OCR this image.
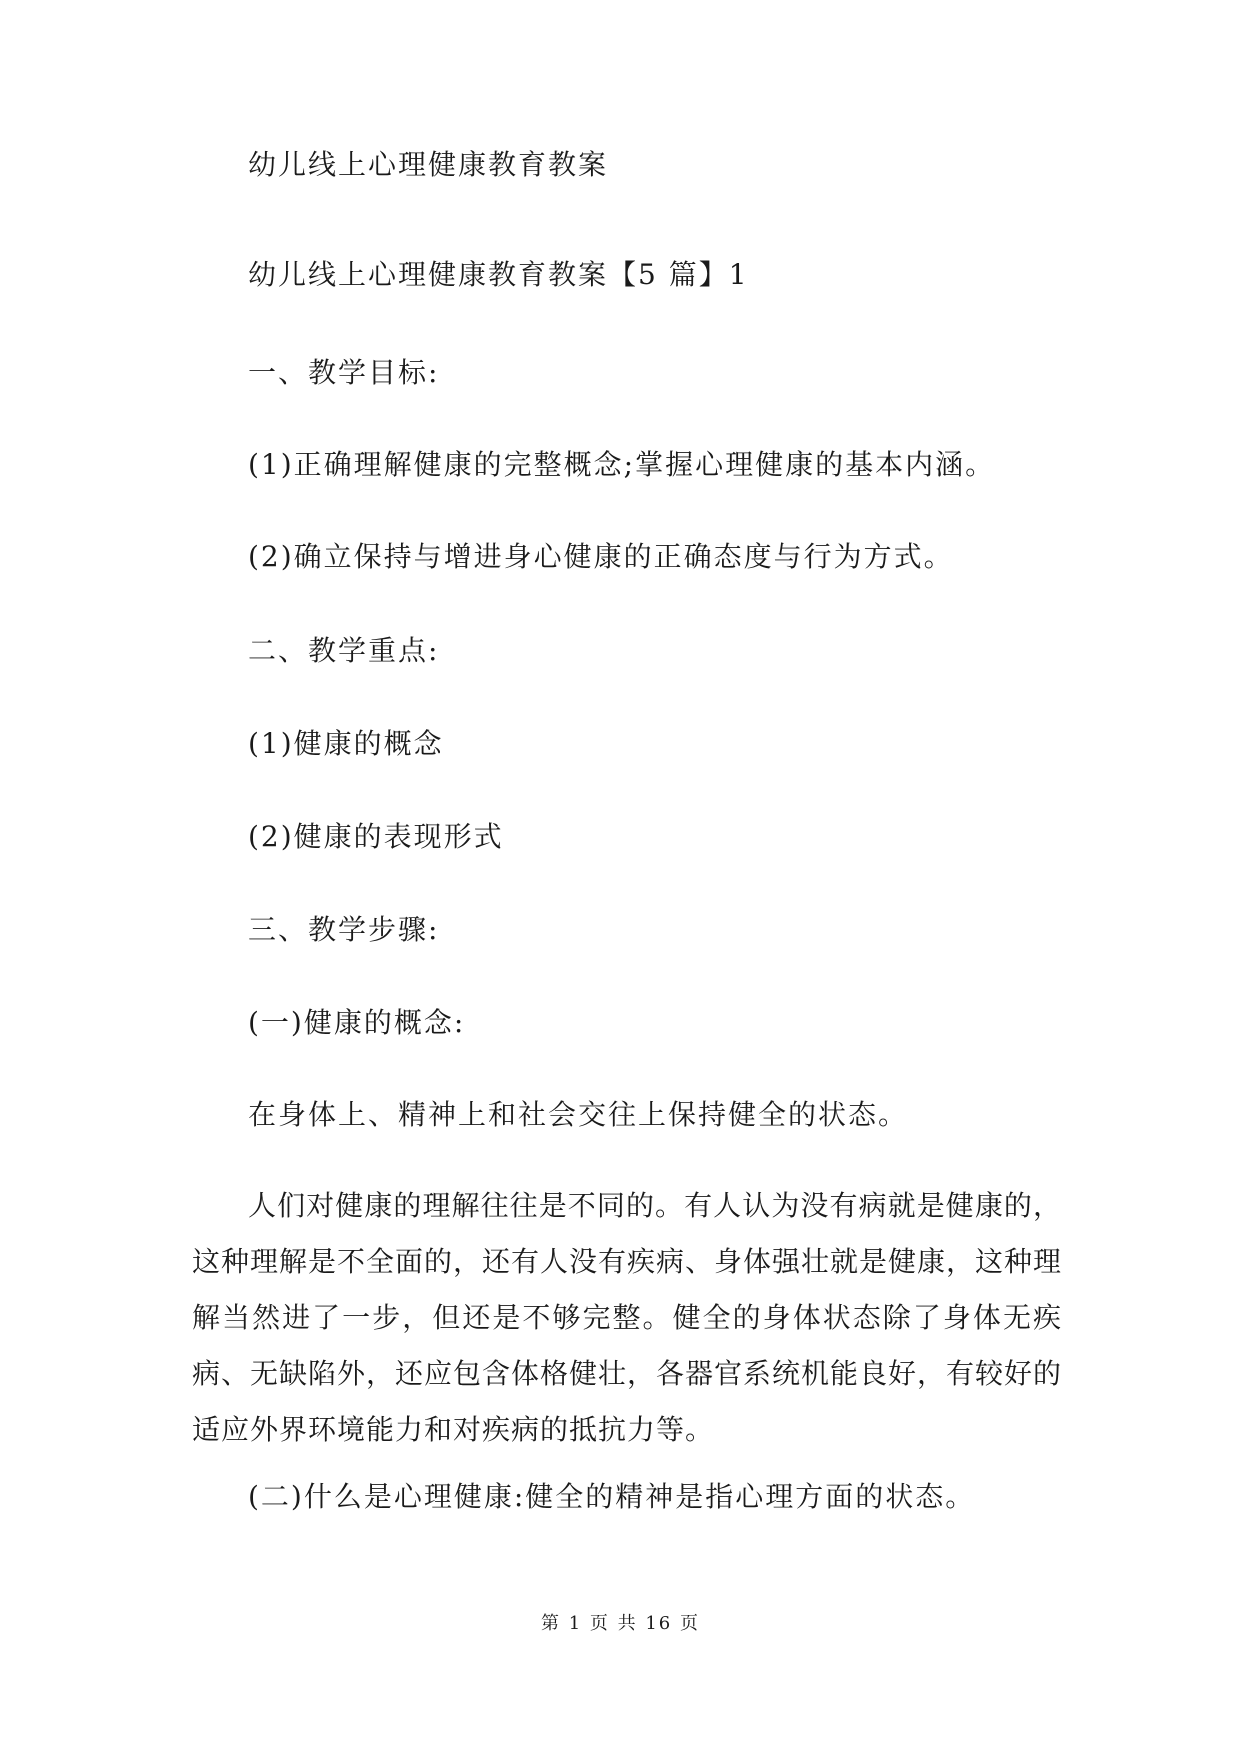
幼儿线上心理健康教育教案
幼儿线上心理健康教育教案【5 篇】1
一、教学目标:
(1)正确理解健康的完整概念;掌握心理健康的基本内涵。
(2)确立保持与增进身心健康的正确态度与行为方式。
二、教学重点:
(1)健康的概念
(2)健康的表现形式
三、教学步骤:
(一)健康的概念:
在身体上、精神上和社会交往上保持健全的状态。
人们对健康的理解往往是不同的。有人认为没有病就是健康的，这种理解是不全面的，还有人没有疾病、身体强壮就是健康，这种理解当然进了一步，但还是不够完整。健全的身体状态除了身体无疾病、无缺陷外，还应包含体格健壮，各器官系统机能良好，有较好的适应外界环境能力和对疾病的抵抗力等。
(二)什么是心理健康:健全的精神是指心理方面的状态。
第 1 页 共 16 页
